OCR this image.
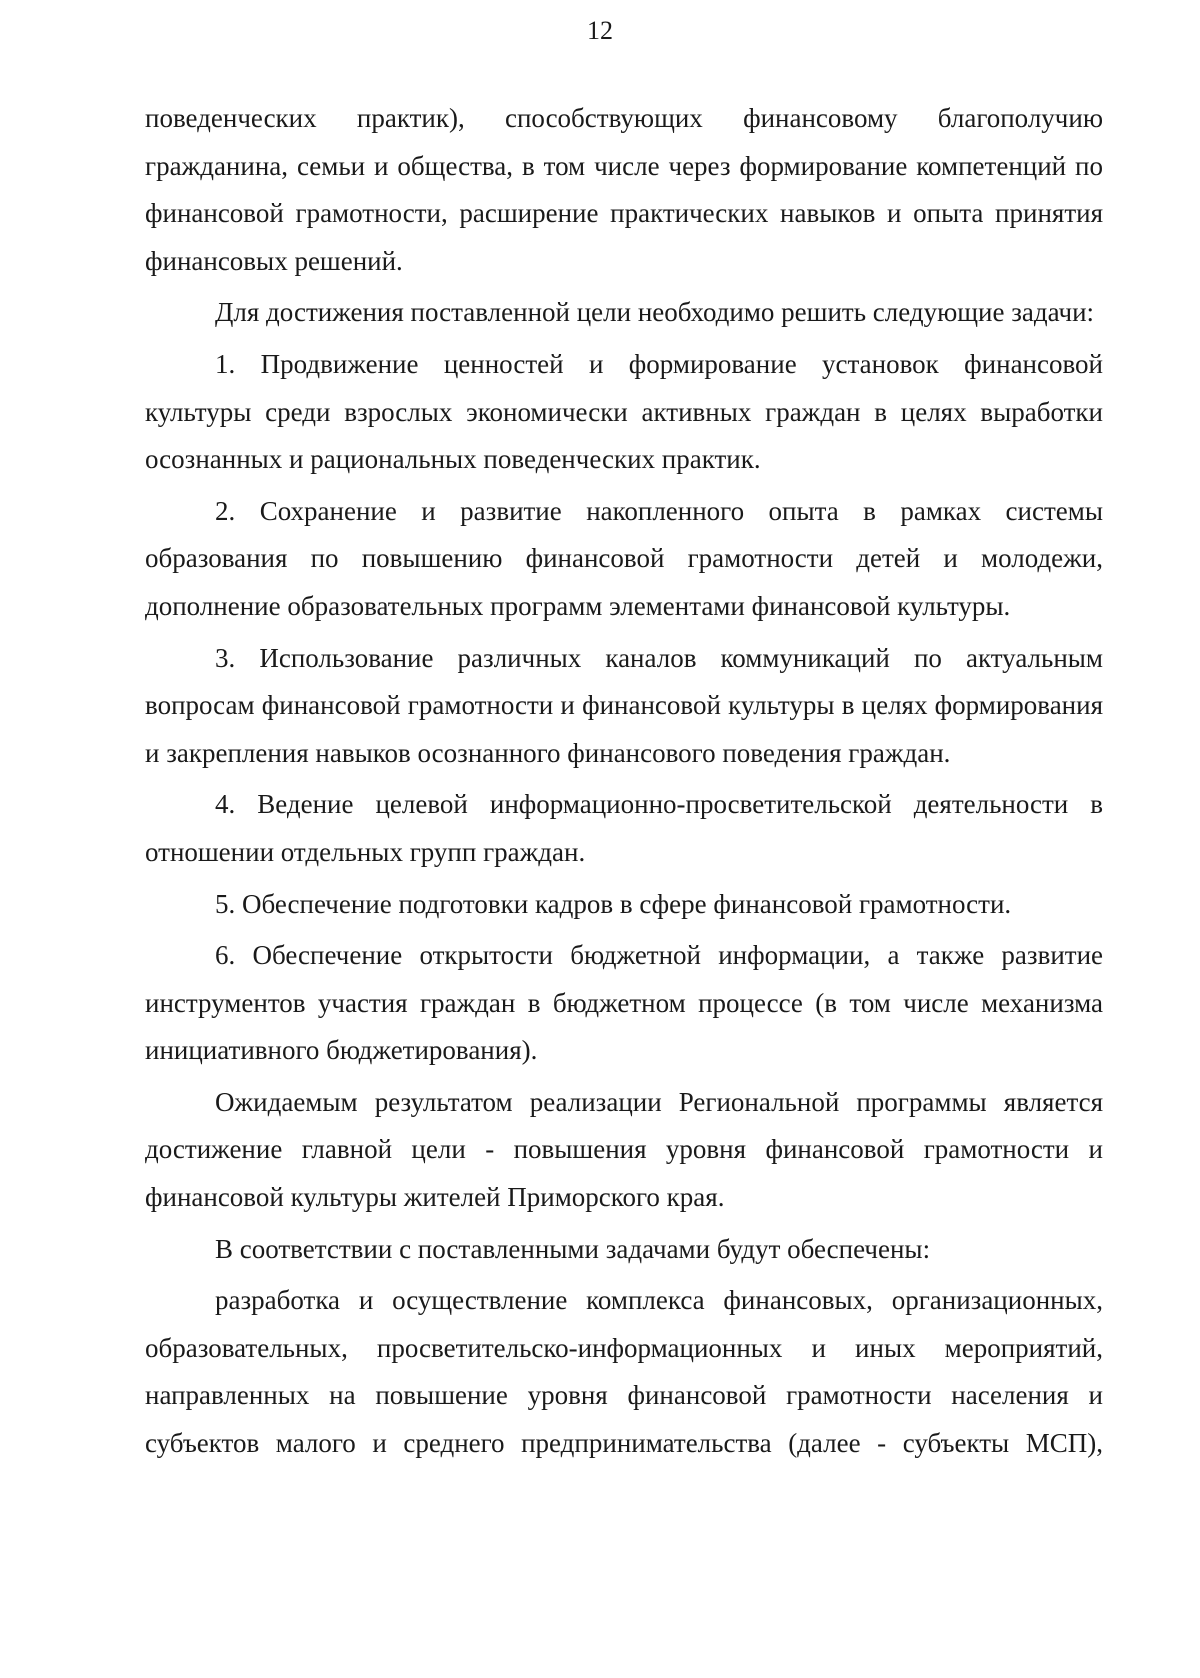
12

поведенческих практик), способствующих финансовому благополучию гражданина, семьи и общества, в том числе через формирование компетенций по финансовой грамотности, расширение практических навыков и опыта принятия финансовых решений.

Для достижения поставленной цели необходимо решить следующие задачи:

1. Продвижение ценностей и формирование установок финансовой культуры среди взрослых экономически активных граждан в целях выработки осознанных и рациональных поведенческих практик.

2. Сохранение и развитие накопленного опыта в рамках системы образования по повышению финансовой грамотности детей и молодежи, дополнение образовательных программ элементами финансовой культуры.

3. Использование различных каналов коммуникаций по актуальным вопросам финансовой грамотности и финансовой культуры в целях формирования и закрепления навыков осознанного финансового поведения граждан.

4. Ведение целевой информационно-просветительской деятельности в отношении отдельных групп граждан.

5. Обеспечение подготовки кадров в сфере финансовой грамотности.

6. Обеспечение открытости бюджетной информации, а также развитие инструментов участия граждан в бюджетном процессе (в том числе механизма инициативного бюджетирования).

Ожидаемым результатом реализации Региональной программы является достижение главной цели - повышения уровня финансовой грамотности и финансовой культуры жителей Приморского края.

В соответствии с поставленными задачами будут обеспечены:

разработка и осуществление комплекса финансовых, организационных, образовательных, просветительско-информационных и иных мероприятий, направленных на повышение уровня финансовой грамотности населения и субъектов малого и среднего предпринимательства (далее - субъекты МСП),
